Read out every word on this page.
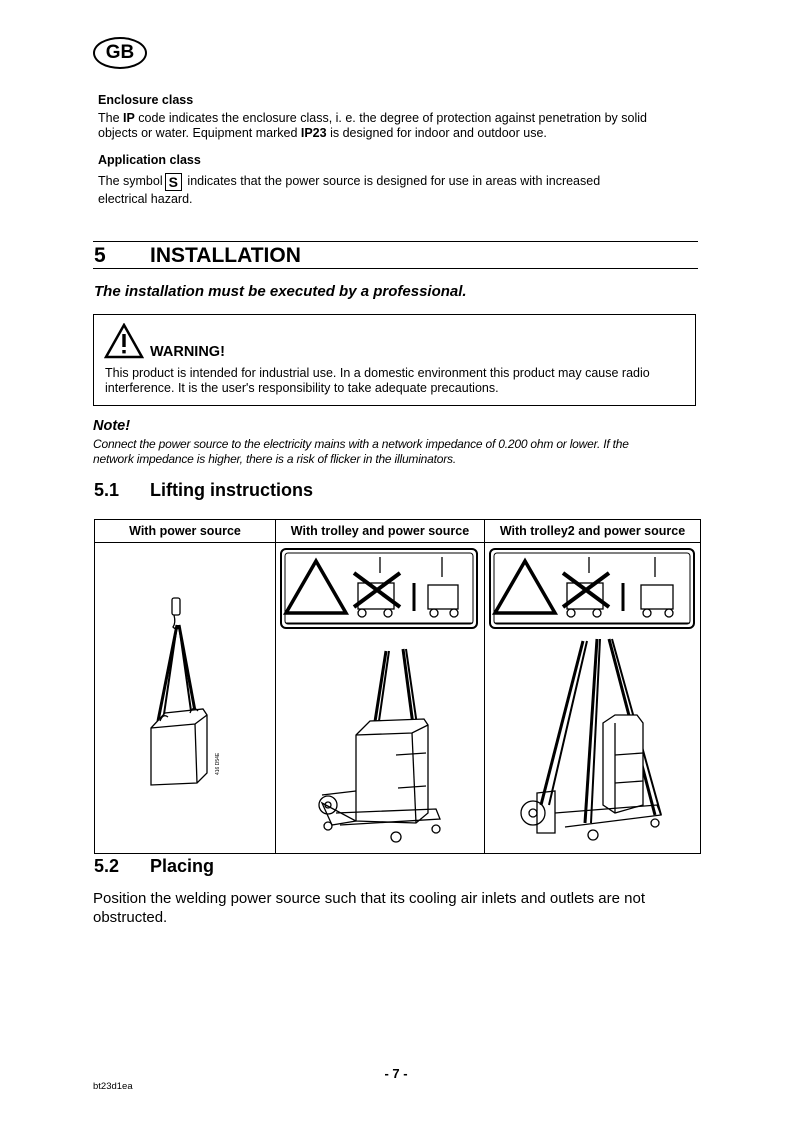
GB
Enclosure class
The IP code indicates the enclosure class, i. e. the degree of protection against penetration by solid
objects or water. Equipment marked IP23 is designed for indoor and outdoor use.
Application class
The symbol S indicates that the power source is designed for use in areas with increased
electrical hazard.
5 INSTALLATION
The installation must be executed by a professional.
WARNING!
This product is intended for industrial use. In a domestic environment this product may cause radio
interference. It is the user's responsibility to take adequate precautions.
Note!
Connect the power source to the electricity mains with a network impedance of 0.200 ohm or lower. If the
network impedance is higher, there is a risk of flicker in the illuminators.
5.1 Lifting instructions
With power source	With trolley and power source	With trolley2 and power source

416 D54E

5.2 Placing
Position the welding power source such that its cooling air inlets and outlets are not
obstructed.
- 7 -
bt23d1ea
